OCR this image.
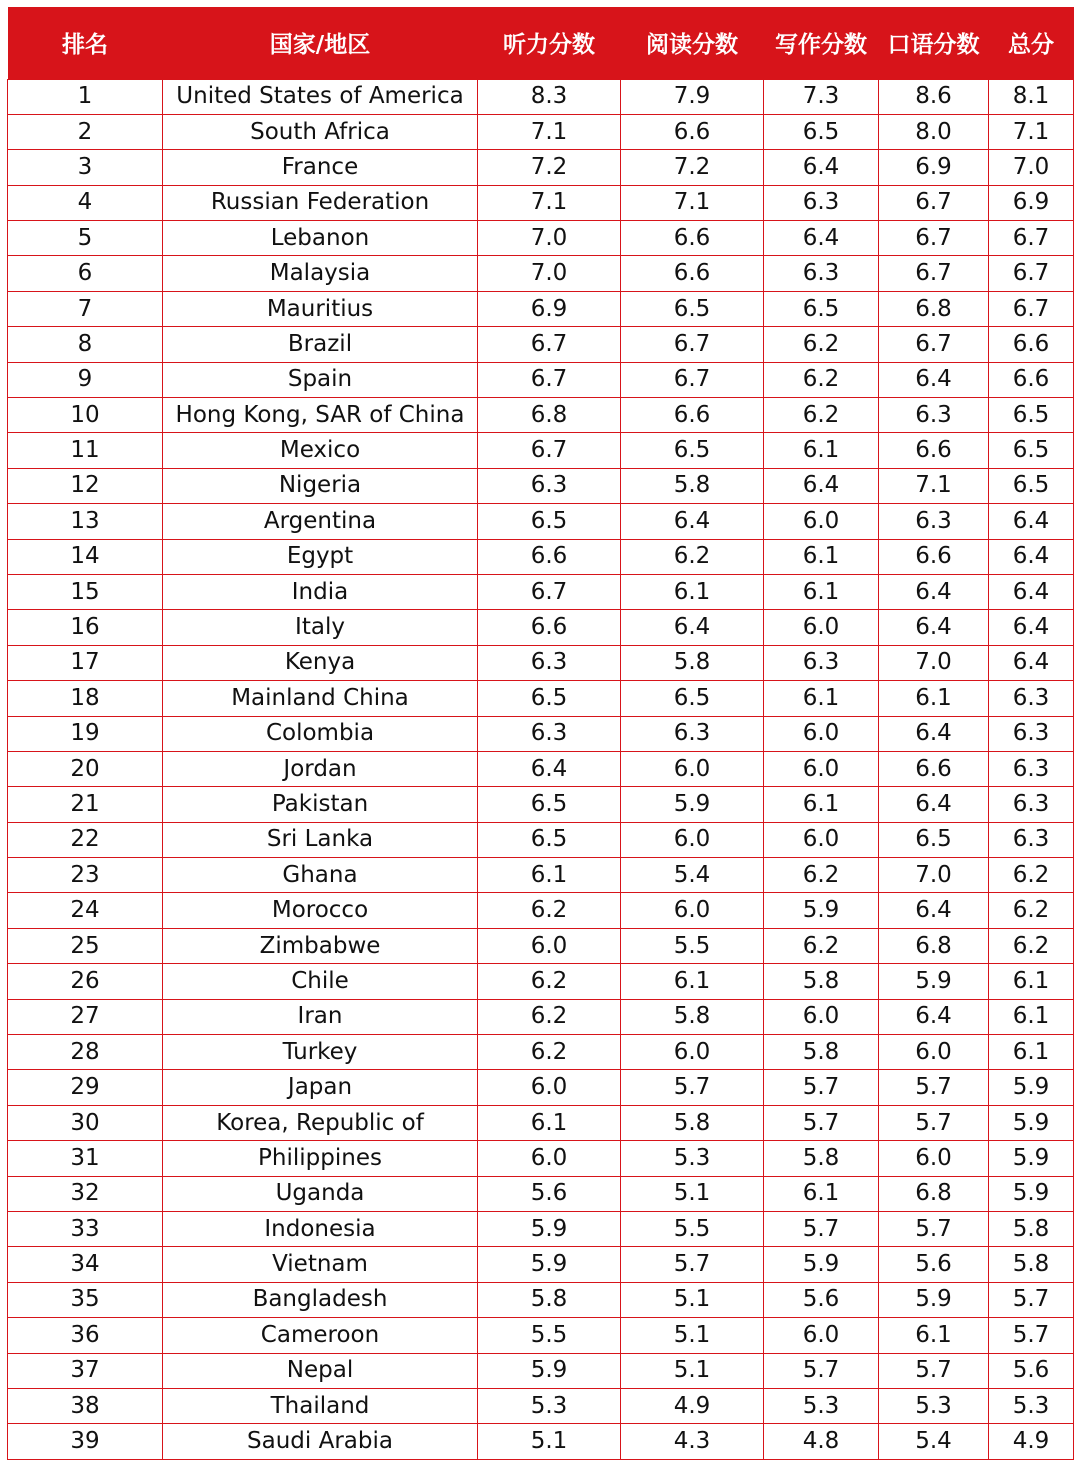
排名	国家/地区	听力分数	阅读分数	写作分数	口语分数	总分
1	United States of America	8.3	7.9	7.3	8.6	8.1
2	South Africa	7.1	6.6	6.5	8.0	7.1
3	France	7.2	7.2	6.4	6.9	7.0
4	Russian Federation	7.1	7.1	6.3	6.7	6.9
5	Lebanon	7.0	6.6	6.4	6.7	6.7
6	Malaysia	7.0	6.6	6.3	6.7	6.7
7	Mauritius	6.9	6.5	6.5	6.8	6.7
8	Brazil	6.7	6.7	6.2	6.7	6.6
9	Spain	6.7	6.7	6.2	6.4	6.6
10	Hong Kong, SAR of China	6.8	6.6	6.2	6.3	6.5
11	Mexico	6.7	6.5	6.1	6.6	6.5
12	Nigeria	6.3	5.8	6.4	7.1	6.5
13	Argentina	6.5	6.4	6.0	6.3	6.4
14	Egypt	6.6	6.2	6.1	6.6	6.4
15	India	6.7	6.1	6.1	6.4	6.4
16	Italy	6.6	6.4	6.0	6.4	6.4
17	Kenya	6.3	5.8	6.3	7.0	6.4
18	Mainland China	6.5	6.5	6.1	6.1	6.3
19	Colombia	6.3	6.3	6.0	6.4	6.3
20	Jordan	6.4	6.0	6.0	6.6	6.3
21	Pakistan	6.5	5.9	6.1	6.4	6.3
22	Sri Lanka	6.5	6.0	6.0	6.5	6.3
23	Ghana	6.1	5.4	6.2	7.0	6.2
24	Morocco	6.2	6.0	5.9	6.4	6.2
25	Zimbabwe	6.0	5.5	6.2	6.8	6.2
26	Chile	6.2	6.1	5.8	5.9	6.1
27	Iran	6.2	5.8	6.0	6.4	6.1
28	Turkey	6.2	6.0	5.8	6.0	6.1
29	Japan	6.0	5.7	5.7	5.7	5.9
30	Korea, Republic of	6.1	5.8	5.7	5.7	5.9
31	Philippines	6.0	5.3	5.8	6.0	5.9
32	Uganda	5.6	5.1	6.1	6.8	5.9
33	Indonesia	5.9	5.5	5.7	5.7	5.8
34	Vietnam	5.9	5.7	5.9	5.6	5.8
35	Bangladesh	5.8	5.1	5.6	5.9	5.7
36	Cameroon	5.5	5.1	6.0	6.1	5.7
37	Nepal	5.9	5.1	5.7	5.7	5.6
38	Thailand	5.3	4.9	5.3	5.3	5.3
39	Saudi Arabia	5.1	4.3	4.8	5.4	4.9
